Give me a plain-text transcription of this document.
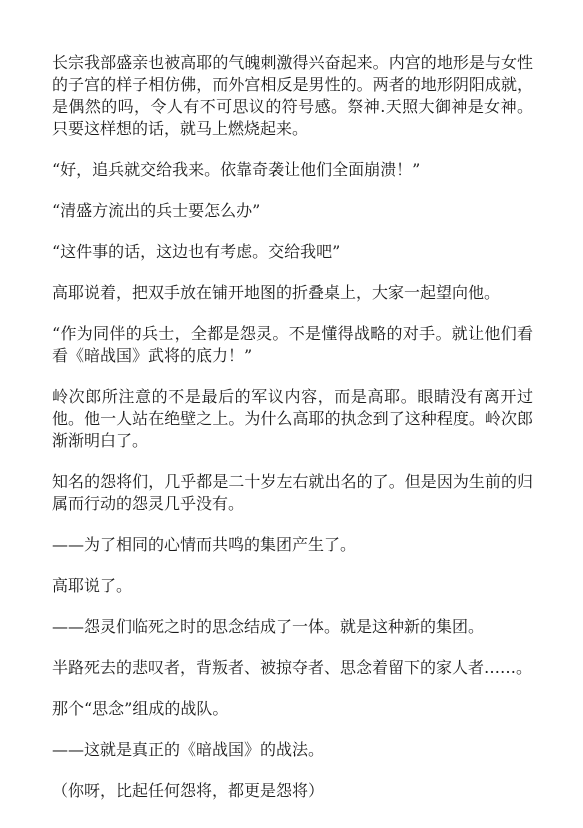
长宗我部盛亲也被高耶的气魄刺激得兴奋起来。内宫的地形是与女性的子宫的样子相仿佛，而外宫相反是男性的。两者的地形阴阳成就，是偶然的吗，令人有不可思议的符号感。祭神.天照大御神是女神。只要这样想的话，就马上燃烧起来。

“好，追兵就交给我来。依靠奇袭让他们全面崩溃！”

“清盛方流出的兵士要怎么办”

“这件事的话，这边也有考虑。交给我吧”

高耶说着，把双手放在铺开地图的折叠桌上，大家一起望向他。

“作为同伴的兵士，全都是怨灵。不是懂得战略的对手。就让他们看看《暗战国》武将的底力！”

岭次郎所注意的不是最后的军议内容，而是高耶。眼睛没有离开过他。他一人站在绝壁之上。为什么高耶的执念到了这种程度。岭次郎渐渐明白了。

知名的怨将们，几乎都是二十岁左右就出名的了。但是因为生前的归属而行动的怨灵几乎没有。

——为了相同的心情而共鸣的集团产生了。

高耶说了。

——怨灵们临死之时的思念结成了一体。就是这种新的集团。

半路死去的悲叹者，背叛者、被掠夺者、思念着留下的家人者……。

那个“思念”组成的战队。

——这就是真正的《暗战国》的战法。

（你呀，比起任何怨将，都更是怨将）
